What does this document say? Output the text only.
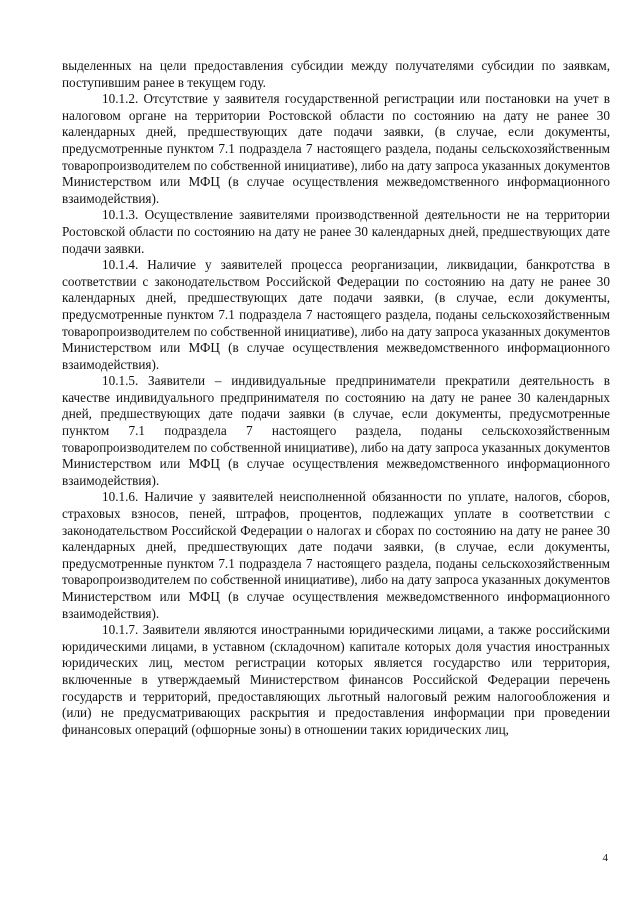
выделенных на цели предоставления субсидии между получателями субсидии по заявкам, поступившим ранее в текущем году.

10.1.2. Отсутствие у заявителя государственной регистрации или постановки на учет в налоговом органе на территории Ростовской области по состоянию на дату не ранее 30 календарных дней, предшествующих дате подачи заявки, (в случае, если документы, предусмотренные пунктом 7.1 подраздела 7 настоящего раздела, поданы сельскохозяйственным товаропроизводителем по собственной инициативе), либо на дату запроса указанных документов Министерством или МФЦ (в случае осуществления межведомственного информационного взаимодействия).

10.1.3. Осуществление заявителями производственной деятельности не на территории Ростовской области по состоянию на дату не ранее 30 календарных дней, предшествующих дате подачи заявки.

10.1.4. Наличие у заявителей процесса реорганизации, ликвидации, банкротства в соответствии с законодательством Российской Федерации по состоянию на дату не ранее 30 календарных дней, предшествующих дате подачи заявки, (в случае, если документы, предусмотренные пунктом 7.1 подраздела 7 настоящего раздела, поданы сельскохозяйственным товаропроизводителем по собственной инициативе), либо на дату запроса указанных документов Министерством или МФЦ (в случае осуществления межведомственного информационного взаимодействия).

10.1.5. Заявители – индивидуальные предприниматели прекратили деятельность в качестве индивидуального предпринимателя по состоянию на дату не ранее 30 календарных дней, предшествующих дате подачи заявки (в случае, если документы, предусмотренные пунктом 7.1 подраздела 7 настоящего раздела, поданы сельскохозяйственным товаропроизводителем по собственной инициативе), либо на дату запроса указанных документов Министерством или МФЦ (в случае осуществления межведомственного информационного взаимодействия).

10.1.6. Наличие у заявителей неисполненной обязанности по уплате, налогов, сборов, страховых взносов, пеней, штрафов, процентов, подлежащих уплате в соответствии с законодательством Российской Федерации о налогах и сборах по состоянию на дату не ранее 30 календарных дней, предшествующих дате подачи заявки, (в случае, если документы, предусмотренные пунктом 7.1 подраздела 7 настоящего раздела, поданы сельскохозяйственным товаропроизводителем по собственной инициативе), либо на дату запроса указанных документов Министерством или МФЦ (в случае осуществления межведомственного информационного взаимодействия).

10.1.7. Заявители являются иностранными юридическими лицами, а также российскими юридическими лицами, в уставном (складочном) капитале которых доля участия иностранных юридических лиц, местом регистрации которых является государство или территория, включенные в утверждаемый Министерством финансов Российской Федерации перечень государств и территорий, предоставляющих льготный налоговый режим налогообложения и (или) не предусматривающих раскрытия и предоставления информации при проведении финансовых операций (офшорные зоны) в отношении таких юридических лиц,

4
